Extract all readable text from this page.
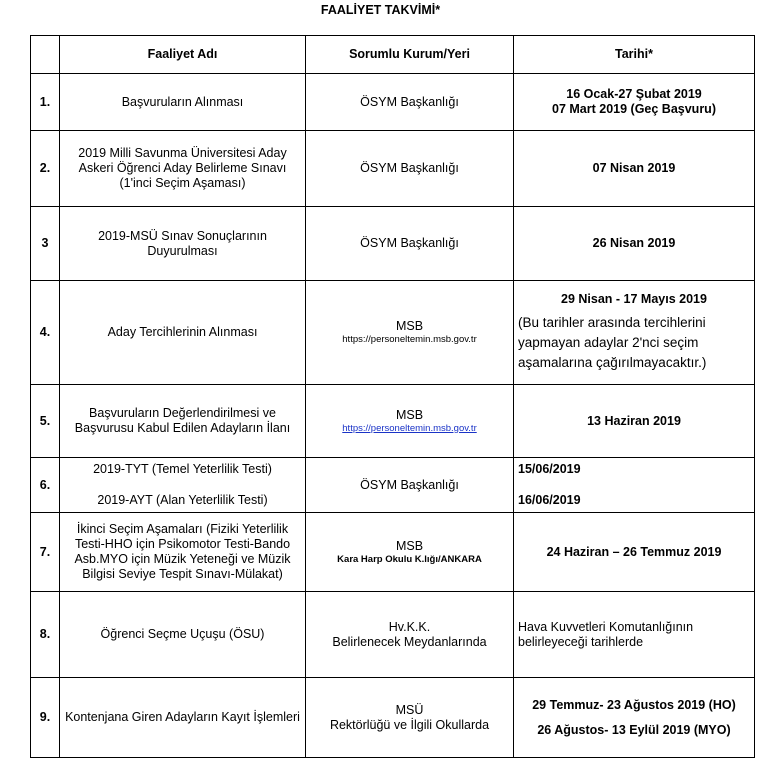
FAALİYET TAKVİMİ*
	Faaliyet Adı	Sorumlu Kurum/Yeri	Tarihi*
1.	Başvuruların Alınması	ÖSYM Başkanlığı	16 Ocak-27 Şubat 2019
07 Mart 2019 (Geç Başvuru)

2.	2019 Milli Savunma Üniversitesi Aday Askeri Öğrenci Aday Belirleme Sınavı (1'inci Seçim Aşaması)	ÖSYM Başkanlığı	07 Nisan 2019
3	2019-MSÜ Sınav Sonuçlarının Duyurulması	ÖSYM Başkanlığı	26 Nisan 2019
4.	Aday Tercihlerinin Alınması	MSB
https://personeltemin.msb.gov.tr	29 Nisan - 17 Mayıs 2019
(Bu tarihler arasında tercihlerini yapmayan adaylar 2'nci seçim aşamalarına çağırılmayacaktır.)

5.	Başvuruların Değerlendirilmesi ve Başvurusu Kabul Edilen Adayların İlanı	MSB
https://personeltemin.msb.gov.tr	13 Haziran 2019
6.	2019-TYT (Temel Yeterlilik Testi)
2019-AYT (Alan Yeterlilik Testi)	ÖSYM Başkanlığı	15/06/2019
16/06/2019

7.	İkinci Seçim Aşamaları (Fiziki Yeterlilik Testi-HHO için Psikomotor Testi-Bando Asb.MYO için Müzik Yeteneği ve Müzik Bilgisi Seviye Tespit Sınavı-Mülakat)	MSB
Kara Harp Okulu K.lığı/ANKARA	24 Haziran – 26 Temmuz 2019
8.	Öğrenci Seçme Uçuşu (ÖSU)	Hv.K.K.
Belirlenecek Meydanlarında	Hava Kuvvetleri Komutanlığının belirleyeceği tarihlerde
9.	Kontenjana Giren Adayların Kayıt İşlemleri	MSÜ
Rektörlüğü ve İlgili Okullarda	29 Temmuz- 23 Ağustos 2019 (HO)
26 Ağustos- 13 Eylül 2019 (MYO)
